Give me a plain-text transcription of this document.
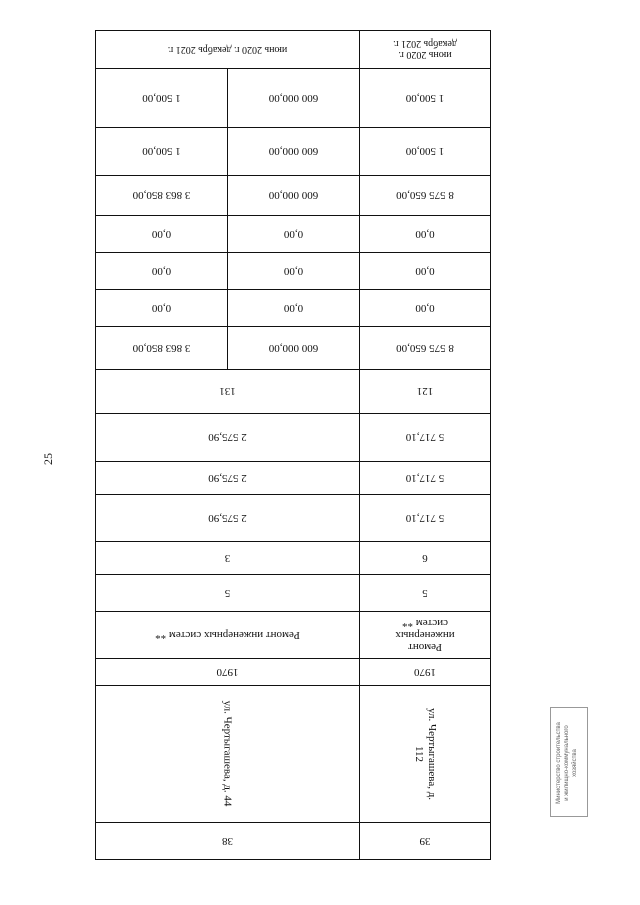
25
39
38
ул. Чертыгашева, д. 112
ул. Чертыгашева, д. 44
1970
1970
Ремонт инженерных систем **
Ремонт инженерных систем **
5
5
6
3
5 717,10
2 575,90
5 717,10
2 575,90
5 717,10
2 575,90
121
131
8 575 650,00
600 000,00
3 863 850,00
0,00
0,00
0,00
0,00
0,00
0,00
0,00
0,00
0,00
8 575 650,00
600 000,00
3 863 850,00
1 500,00
600 000,00
1 500,00
1 500,00
600 000,00
1 500,00
июнь 2020 г. декабрь 2021 г.
июнь 2020 г. декабрь 2021 г.
Министерство строительства и жилищно-коммунального хозяйства
